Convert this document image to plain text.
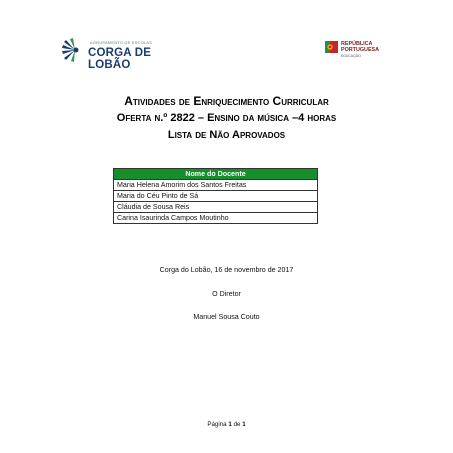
AGRUPAMENTO DE ESCOLAS
CORGA DE LOBÃO
REPÚBLICA
PORTUGUESA
EDUCAÇÃO
Atividades de Enriquecimento Curricular
Oferta n.º 2822 – Ensino da música –4 horas
Lista de Não Aprovados
Nome do Docente
Maria Helena Amorim dos Santos Freitas
Maria do Céu Pinto de Sá
Cláudia de Sousa Reis
Carina Isaurinda Campos Moutinho
Corga do Lobão, 16 de novembro de 2017
O Diretor
Manuel Sousa Couto
Página 1 de 1
